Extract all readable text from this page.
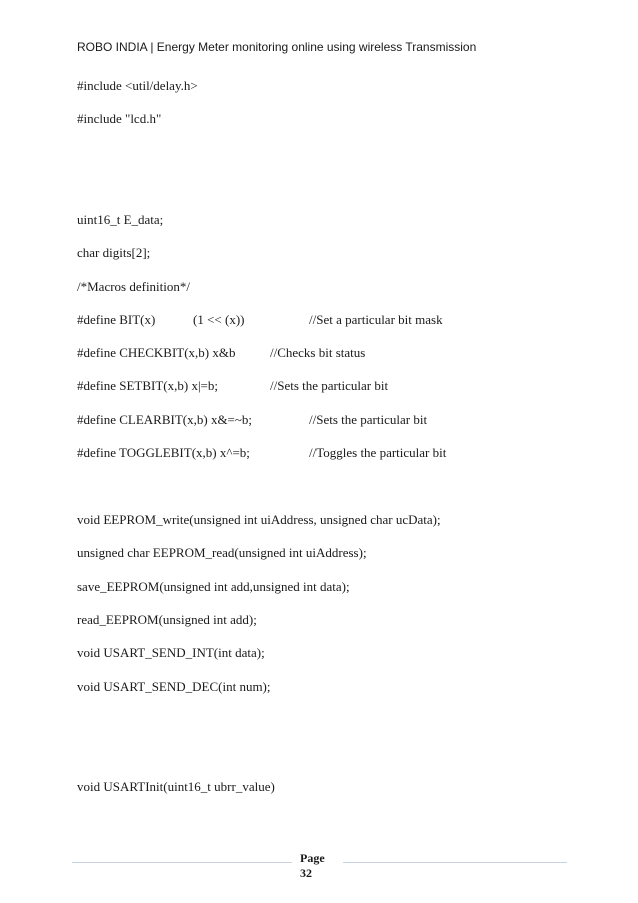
ROBO INDIA | Energy Meter monitoring online using wireless Transmission
#include <util/delay.h>
#include "lcd.h"
uint16_t E_data;
char digits[2];
/*Macros definition*/
#define BIT(x)	(1 << (x))	//Set a particular bit mask
#define CHECKBIT(x,b) x&b	//Checks bit status
#define SETBIT(x,b) x|=b;	//Sets the particular bit
#define CLEARBIT(x,b) x&=~b;	//Sets the particular bit
#define TOGGLEBIT(x,b) x^=b;	//Toggles the particular bit
void EEPROM_write(unsigned int uiAddress, unsigned char ucData);
unsigned char EEPROM_read(unsigned int uiAddress);
save_EEPROM(unsigned int add,unsigned int data);
read_EEPROM(unsigned int add);
void USART_SEND_INT(int data);
void USART_SEND_DEC(int num);
void USARTInit(uint16_t ubrr_value)
Page
32
